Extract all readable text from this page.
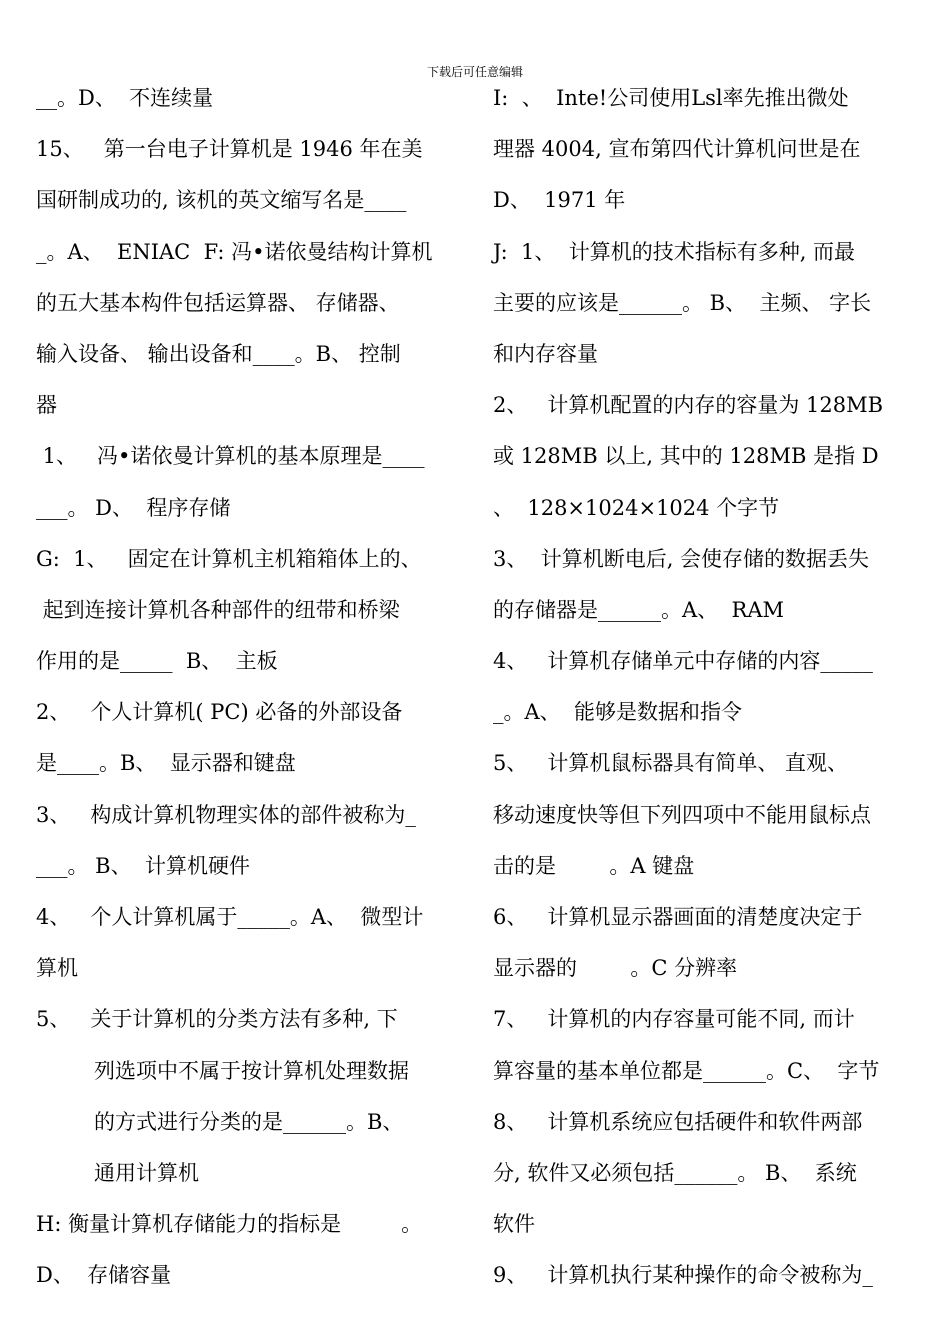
下载后可任意编辑
__。D、  不连续量
15、   第一台电子计算机是 1946 年在美
国研制成功的, 该机的英文缩写名是____
_。A、  ENIAC  F: 冯•诺依曼结构计算机
的五大基本构件包括运算器、 存储器、
输入设备、 输出设备和____。B、 控制
器
1、   冯•诺依曼计算机的基本原理是____
___。 D、  程序存储
G:  1、   固定在计算机主机箱箱体上的、
起到连接计算机各种部件的纽带和桥梁
作用的是_____  B、  主板
2、   个人计算机( PC) 必备的外部设备
是____。B、  显示器和键盘
3、   构成计算机物理实体的部件被称为_
___。 B、  计算机硬件
4、   个人计算机属于_____。A、  微型计
算机
5、   关于计算机的分类方法有多种, 下
列选项中不属于按计算机处理数据
的方式进行分类的是______。B、
通用计算机
H: 衡量计算机存储能力的指标是         。
D、  存储容量
I:  、  Inte!公司使用Lsl率先推出微处
理器 4004, 宣布第四代计算机问世是在
D、  1971 年
J:  1、  计算机的技术指标有多种, 而最
主要的应该是______。 B、  主频、 字长
和内存容量
2、   计算机配置的内存的容量为 128MB
或 128MB 以上, 其中的 128MB 是指 D
、  128×1024×1024 个字节
3、  计算机断电后, 会使存储的数据丢失
的存储器是______。A、  RAM
4、   计算机存储单元中存储的内容_____
_。A、  能够是数据和指令
5、   计算机鼠标器具有简单、 直观、
移动速度快等但下列四项中不能用鼠标点
击的是        。A 键盘
6、   计算机显示器画面的清楚度决定于
显示器的        。C 分辨率
7、   计算机的内存容量可能不同, 而计
算容量的基本单位都是______。C、  字节
8、   计算机系统应包括硬件和软件两部
分, 软件又必须包括______。 B、  系统
软件
9、   计算机执行某种操作的命令被称为_
